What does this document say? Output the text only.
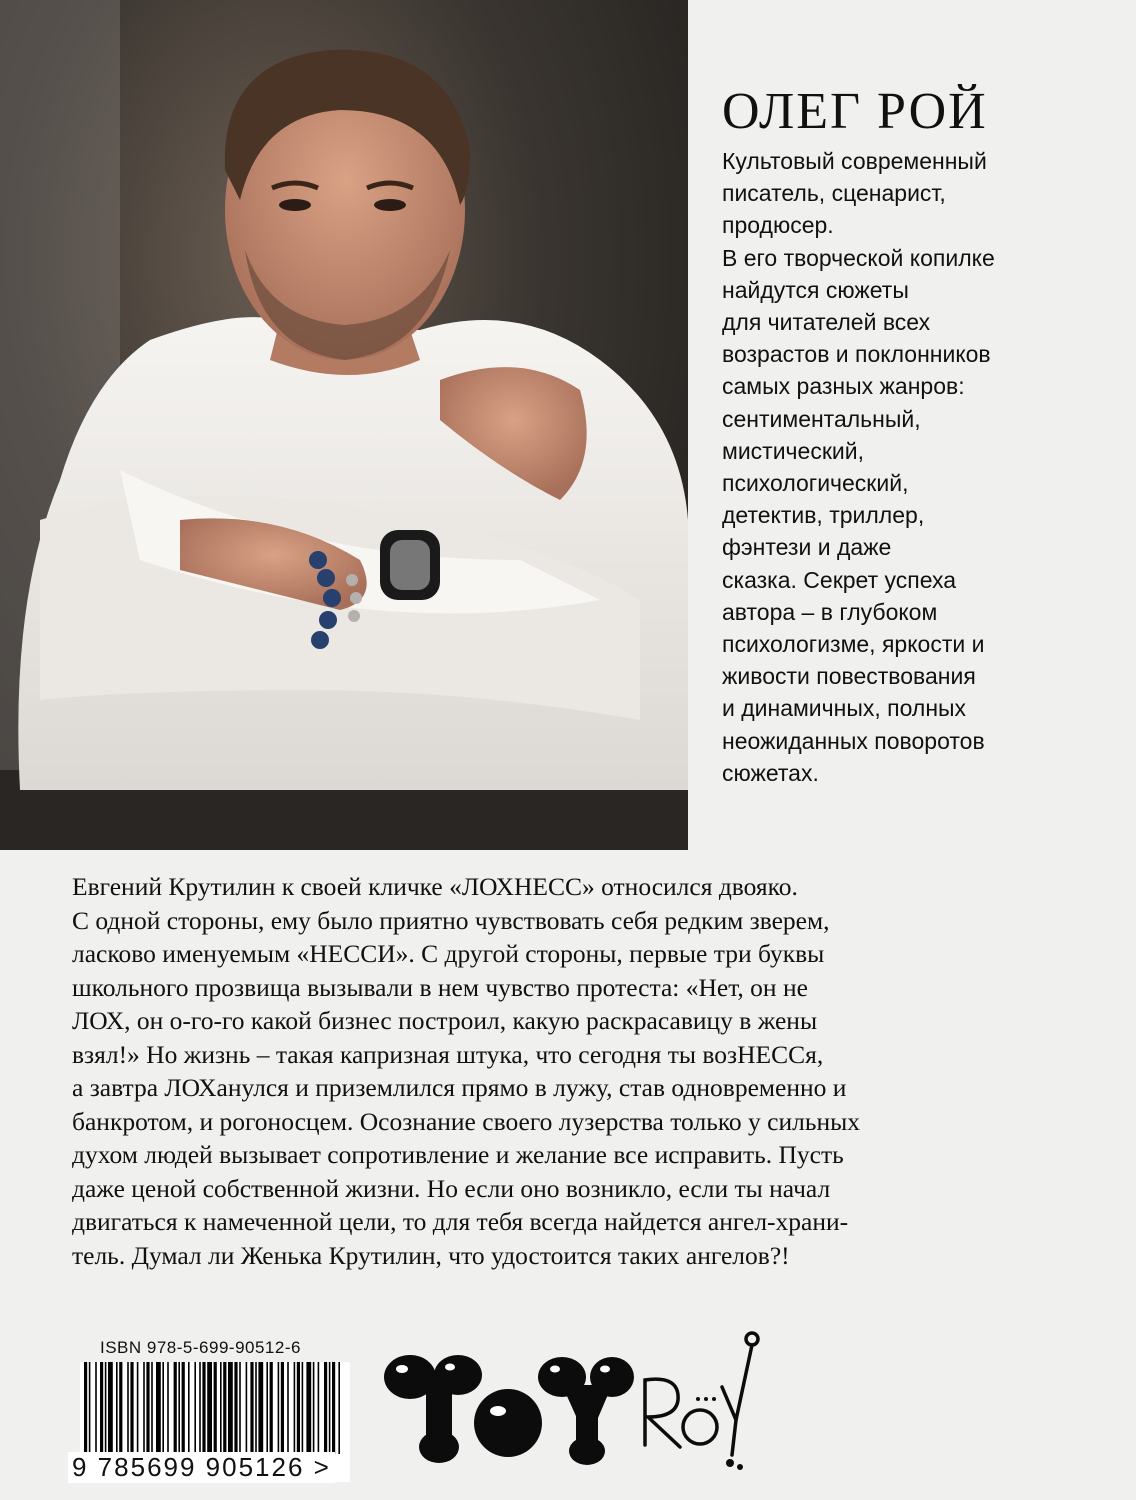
ОЛЕГ РОЙ
Культовый современный
писатель, сценарист,
продюсер.
В его творческой копилке
найдутся сюжеты
для читателей всех
возрастов и поклонников
самых разных жанров:
сентиментальный,
мистический,
психологический,
детектив, триллер,
фэнтези и даже
сказка. Секрет успеха
автора – в глубоком
психологизме, яркости и
живости повествования
и динамичных, полных
неожиданных поворотов
сюжетах.
Евгений Крутилин к своей кличке «ЛОХНЕСС» относился двояко.
С одной стороны, ему было приятно чувствовать себя редким зверем,
ласково именуемым «НЕССИ». С другой стороны, первые три буквы
школьного прозвища вызывали в нем чувство протеста: «Нет, он не
ЛОХ, он о-го-го какой бизнес построил, какую раскрасавицу в жены
взял!» Но жизнь – такая капризная штука, что сегодня ты возНЕССя,
а завтра ЛОХанулся и приземлился прямо в лужу, став одновременно и
банкротом, и рогоносцем. Осознание своего лузерства только у сильных
духом людей вызывает сопротивление и желание все исправить. Пусть
даже ценой собственной жизни. Но если оно возникло, если ты начал
двигаться к намеченной цели, то для тебя всегда найдется ангел-храни-
тель. Думал ли Женька Крутилин, что удостоится таких ангелов?!
ISBN 978-5-699-90512-6
9 785699 905126 >
